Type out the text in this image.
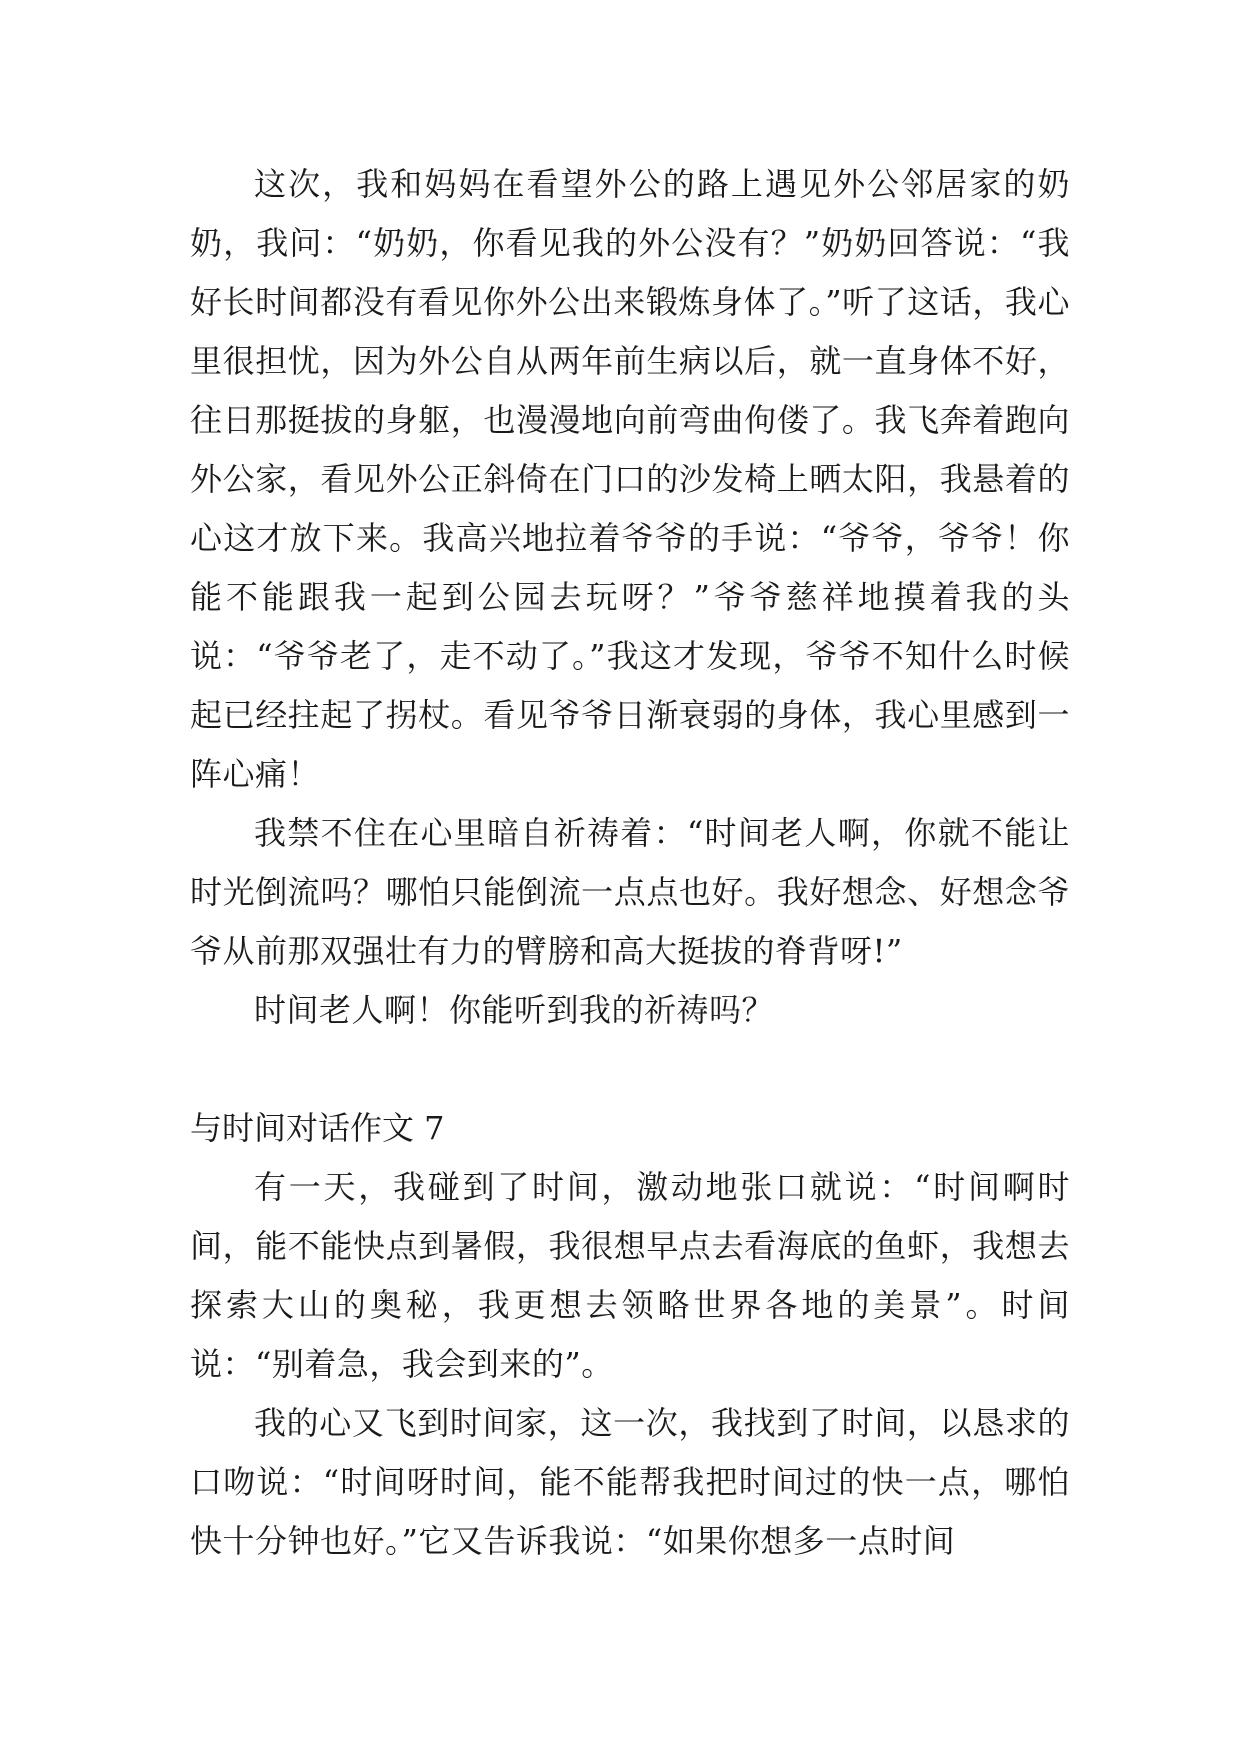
这次，我和妈妈在看望外公的路上遇见外公邻居家的奶奶，我问：“奶奶，你看见我的外公没有？”奶奶回答说：“我好长时间都没有看见你外公出来锻炼身体了。”听了这话，我心里很担忧，因为外公自从两年前生病以后，就一直身体不好，往日那挺拔的身躯，也漫漫地向前弯曲佝偻了。我飞奔着跑向外公家，看见外公正斜倚在门口的沙发椅上晒太阳，我悬着的心这才放下来。我高兴地拉着爷爷的手说：“爷爷，爷爷！你能不能跟我一起到公园去玩呀？”爷爷慈祥地摸着我的头说：“爷爷老了，走不动了。”我这才发现，爷爷不知什么时候起已经拄起了拐杖。看见爷爷日渐衰弱的身体，我心里感到一阵心痛！

我禁不住在心里暗自祈祷着：“时间老人啊，你就不能让时光倒流吗？哪怕只能倒流一点点也好。我好想念、好想念爷爷从前那双强壮有力的臂膀和高大挺拔的脊背呀!”

时间老人啊！你能听到我的祈祷吗？

与时间对话作文 7

有一天，我碰到了时间，激动地张口就说：“时间啊时间，能不能快点到暑假，我很想早点去看海底的鱼虾，我想去探索大山的奥秘，我更想去领略世界各地的美景”。时间说：“别着急，我会到来的”。

我的心又飞到时间家，这一次，我找到了时间，以恳求的口吻说：“时间呀时间，能不能帮我把时间过的快一点，哪怕快十分钟也好。”它又告诉我说：“如果你想多一点时间
